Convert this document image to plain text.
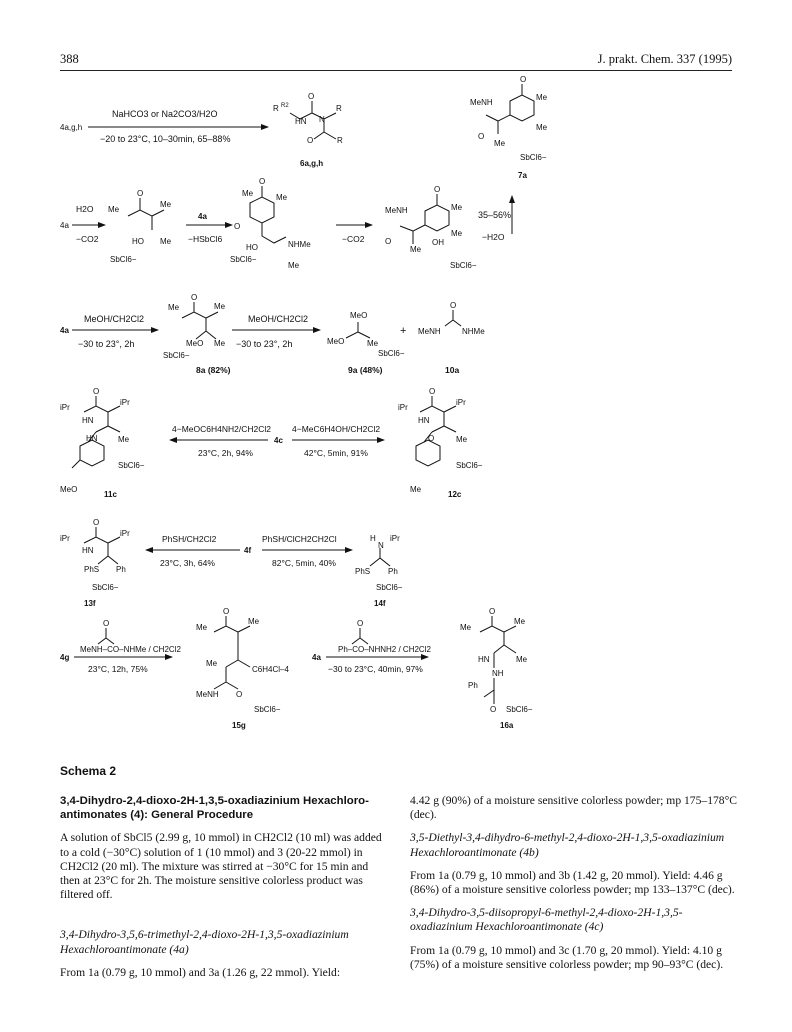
388	J. prakt. Chem. 337 (1995)
4a,g,h
NaHCO3 or Na2CO3/H2O
−20 to 23°C, 10–30min, 65–88%
R R2
HN
O
N
R
O	R
6a,g,h
O
MeNH
O
Me
Me
Me
SbCl6−
7a
4a
H2O
−CO2
Me
O
Me
HO Me
SbCl6−
4a
−HSbCl6
O
O
Me
Me
HO	NHMe
Me
SbCl6−
−CO2
O
MeNH
O
Me
OH
Me
Me
SbCl6−
35–56%
−H2O
4a
MeOH/CH2Cl2
−30 to 23°, 2h
Me
O
Me
MeO Me
SbCl6−
8a (82%)
MeOH/CH2Cl2
−30 to 23°, 2h
MeO
MeO	Me
SbCl6−
9a (48%)
+
O
MeNH	NHMe
10a
iPr
HN
O
iPr
HN	Me
MeO
SbCl6−
11c
4−MeOC6H4NH2/CH2Cl2
23°C, 2h, 94%
4c
4−MeC6H4OH/CH2Cl2
42°C, 5min, 91%
iPr
HN
O
iPr
O	Me
Me
SbCl6−
12c
iPr
HN
O
iPr
PhS Ph
SbCl6−
13f
PhSH/CH2Cl2
23°C, 3h, 64%
4f
PhSH/ClCH2CH2Cl
82°C, 5min, 40%
H
N
iPr
PhS Ph
SbCl6−
14f
4g
O
MeNH–CO–NHMe / CH2Cl2
23°C, 12h, 75%
Me
O
Me
Me
C6H4Cl–4
MeNH O
SbCl6−
15g
4a
O
Ph–CO–NHNH2 / CH2Cl2
−30 to 23°C, 40min, 97%
Me
O
Me
HN	Me
Ph
NH
O SbCl6−
16a
Schema 2

3,4-Dihydro-2,4-dioxo-2H-1,3,5-oxadiazinium Hexachloro-antimonates (4): General Procedure

A solution of SbCl5 (2.99 g, 10 mmol) in CH2Cl2 (10 ml) was added to a cold (−30°C) solution of 1 (10 mmol) and 3 (20-22 mmol) in CH2Cl2 (20 ml). The mixture was stirred at −30°C for 15 min and then at 23°C for 2h. The moisture sensitive colorless product was filtered off.

3,4-Dihydro-3,5,6-trimethyl-2,4-dioxo-2H-1,3,5-oxadiazinium Hexachloroantimonate (4a)

From 1a (0.79 g, 10 mmol) and 3a (1.26 g, 22 mmol). Yield:

4.42 g (90%) of a moisture sensitive colorless powder; mp 175–178°C (dec).

3,5-Diethyl-3,4-dihydro-6-methyl-2,4-dioxo-2H-1,3,5-oxadiazinium Hexachloroantimonate (4b)

From 1a (0.79 g, 10 mmol) and 3b (1.42 g, 20 mmol). Yield: 4.46 g (86%) of a moisture sensitive colorless powder; mp 133–137°C (dec).

3,4-Dihydro-3,5-diisopropyl-6-methyl-2,4-dioxo-2H-1,3,5-oxadiazinium Hexachloroantimonate (4c)

From 1a (0.79 g, 10 mmol) and 3c (1.70 g, 20 mmol). Yield: 4.10 g (75%) of a moisture sensitive colorless powder; mp 90–93°C (dec).
